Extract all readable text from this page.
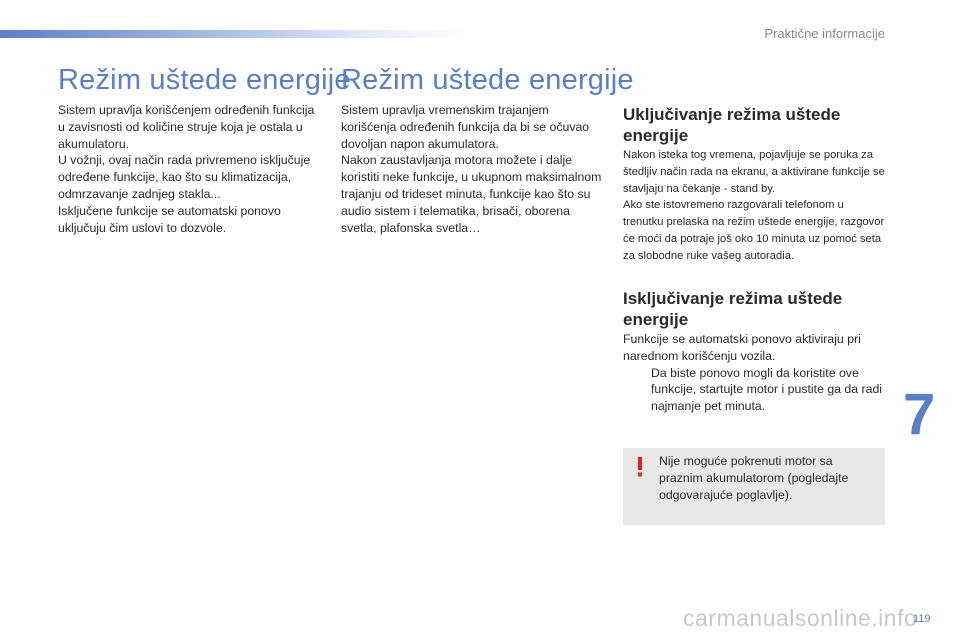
Praktične informacije
Režim uštede energije

Sistem upravlja korišćenjem određenih funkcija u zavisnosti od količine struje koja je ostala u akumulatoru.

U vožnji, ovaj način rada privremeno isključuje određene funkcije, kao što su klimatizacija, odmrzavanje zadnjeg stakla...

Isključene funkcije se automatski ponovo uključuju čim uslovi to dozvole.

Režim uštede energije

Sistem upravlja vremenskim trajanjem korišćenja određenih funkcija da bi se očuvao dovoljan napon akumulatora.

Nakon zaustavljanja motora možete i dalje koristiti neke funkcije, u ukupnom maksimalnom trajanju od trideset minuta, funkcije kao što su audio sistem i telematika, brisači, oborena svetla, plafonska svetla…

Uključivanje režima uštede energije

Nakon isteka tog vremena, pojavljuje se poruka za štedljiv način rada na ekranu, a aktivirane funkcije se stavljaju na čekanje - stand by.

Ako ste istovremeno razgovarali telefonom u trenutku prelaska na režim uštede energije, razgovor će moći da potraje još oko 10 minuta uz pomoć seta za slobodne ruke vašeg autoradia.

Isključivanje režima uštede energije

Funkcije se automatski ponovo aktiviraju pri narednom korišćenju vozila.

Da biste ponovo mogli da koristite ove funkcije, startujte motor i pustite ga da radi najmanje pet minuta.
Nije moguće pokrenuti motor sa praznim akumulatorom (pogledajte odgovarajuće poglavlje).
7
carmanualsonline.info
119
